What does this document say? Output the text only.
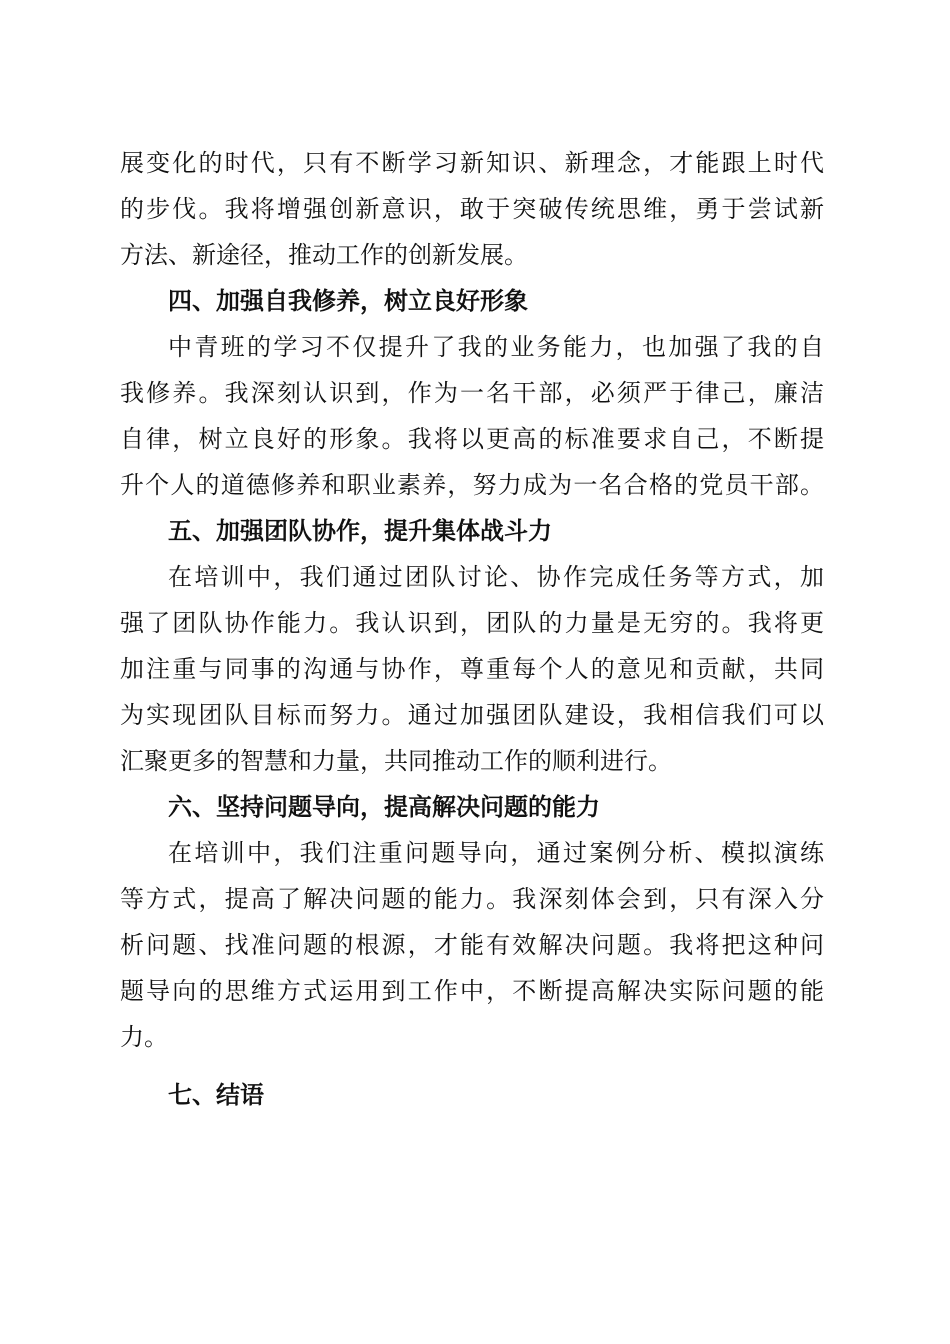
展变化的时代，只有不断学习新知识、新理念，才能跟上时代
的步伐。我将增强创新意识，敢于突破传统思维，勇于尝试新
方法、新途径，推动工作的创新发展。
四、加强自我修养，树立良好形象
中青班的学习不仅提升了我的业务能力，也加强了我的自
我修养。我深刻认识到，作为一名干部，必须严于律己，廉洁
自律，树立良好的形象。我将以更高的标准要求自己，不断提
升个人的道德修养和职业素养，努力成为一名合格的党员干部。
五、加强团队协作，提升集体战斗力
在培训中，我们通过团队讨论、协作完成任务等方式，加
强了团队协作能力。我认识到，团队的力量是无穷的。我将更
加注重与同事的沟通与协作，尊重每个人的意见和贡献，共同
为实现团队目标而努力。通过加强团队建设，我相信我们可以
汇聚更多的智慧和力量，共同推动工作的顺利进行。
六、坚持问题导向，提高解决问题的能力
在培训中，我们注重问题导向，通过案例分析、模拟演练
等方式，提高了解决问题的能力。我深刻体会到，只有深入分
析问题、找准问题的根源，才能有效解决问题。我将把这种问
题导向的思维方式运用到工作中，不断提高解决实际问题的能
力。
七、结语
